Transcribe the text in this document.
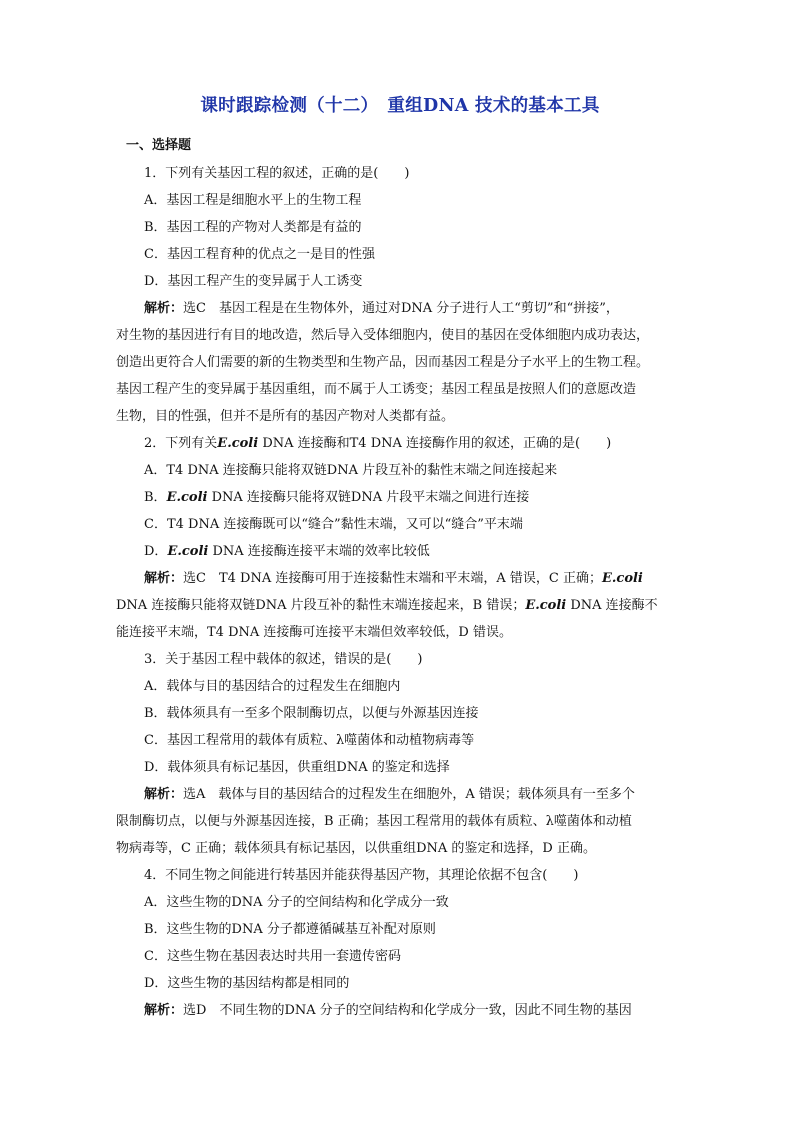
课时跟踪检测（十二）　重组DNA 技术的基本工具
一、选择题
1．下列有关基因工程的叙述，正确的是(　　)
A．基因工程是细胞水平上的生物工程
B．基因工程的产物对人类都是有益的
C．基因工程育种的优点之一是目的性强
D．基因工程产生的变异属于人工诱变
解析：选C　基因工程是在生物体外，通过对DNA 分子进行人工“剪切”和“拼接”，
对生物的基因进行有目的地改造，然后导入受体细胞内，使目的基因在受体细胞内成功表达，
创造出更符合人们需要的新的生物类型和生物产品，因而基因工程是分子水平上的生物工程。
基因工程产生的变异属于基因重组，而不属于人工诱变；基因工程虽是按照人们的意愿改造
生物，目的性强，但并不是所有的基因产物对人类都有益。
2．下列有关E.coli DNA 连接酶和T4 DNA 连接酶作用的叙述，正确的是(　　)
A．T4 DNA 连接酶只能将双链DNA 片段互补的黏性末端之间连接起来
B．E.coli DNA 连接酶只能将双链DNA 片段平末端之间进行连接
C．T4 DNA 连接酶既可以“缝合”黏性末端，又可以“缝合”平末端
D．E.coli DNA 连接酶连接平末端的效率比较低
解析：选C　T4 DNA 连接酶可用于连接黏性末端和平末端，A 错误，C 正确；E.coli
DNA 连接酶只能将双链DNA 片段互补的黏性末端连接起来，B 错误；E.coli DNA 连接酶不
能连接平末端，T4 DNA 连接酶可连接平末端但效率较低，D 错误。
3．关于基因工程中载体的叙述，错误的是(　　)
A．载体与目的基因结合的过程发生在细胞内
B．载体须具有一至多个限制酶切点，以便与外源基因连接
C．基因工程常用的载体有质粒、λ噬菌体和动植物病毒等
D．载体须具有标记基因，供重组DNA 的鉴定和选择
解析：选A　载体与目的基因结合的过程发生在细胞外，A 错误；载体须具有一至多个
限制酶切点，以便与外源基因连接，B 正确；基因工程常用的载体有质粒、λ噬菌体和动植
物病毒等，C 正确；载体须具有标记基因，以供重组DNA 的鉴定和选择，D 正确。
4．不同生物之间能进行转基因并能获得基因产物，其理论依据不包含(　　)
A．这些生物的DNA 分子的空间结构和化学成分一致
B．这些生物的DNA 分子都遵循碱基互补配对原则
C．这些生物在基因表达时共用一套遗传密码
D．这些生物的基因结构都是相同的
解析：选D　不同生物的DNA 分子的空间结构和化学成分一致，因此不同生物的基因
